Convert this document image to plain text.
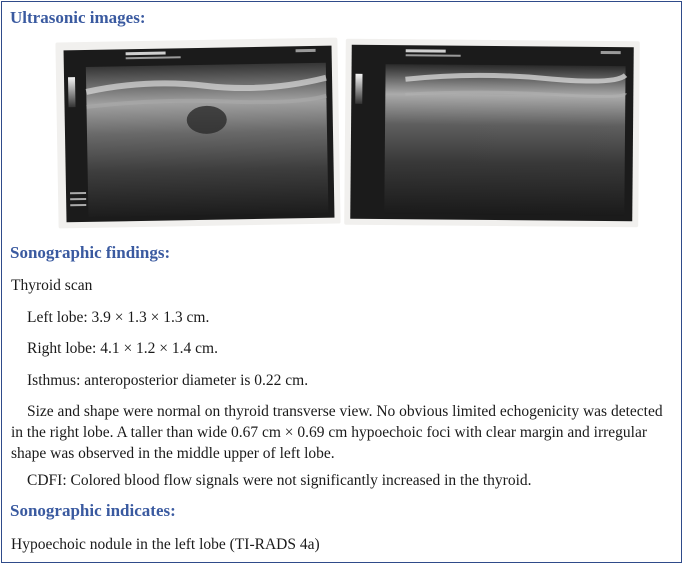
Ultrasonic images:
Sonographic findings:
Thyroid scan
Left lobe: 3.9 × 1.3 × 1.3 cm.
Right lobe: 4.1 × 1.2 × 1.4 cm.
Isthmus: anteroposterior diameter is 0.22 cm.
Size and shape were normal on thyroid transverse view. No obvious limited echogenicity was detected in the right lobe. A taller than wide 0.67 cm × 0.69 cm hypoechoic foci with clear margin and irregular shape was observed in the middle upper of left lobe.
CDFI: Colored blood flow signals were not significantly increased in the thyroid.
Sonographic indicates:
Hypoechoic nodule in the left lobe (TI-RADS 4a)
